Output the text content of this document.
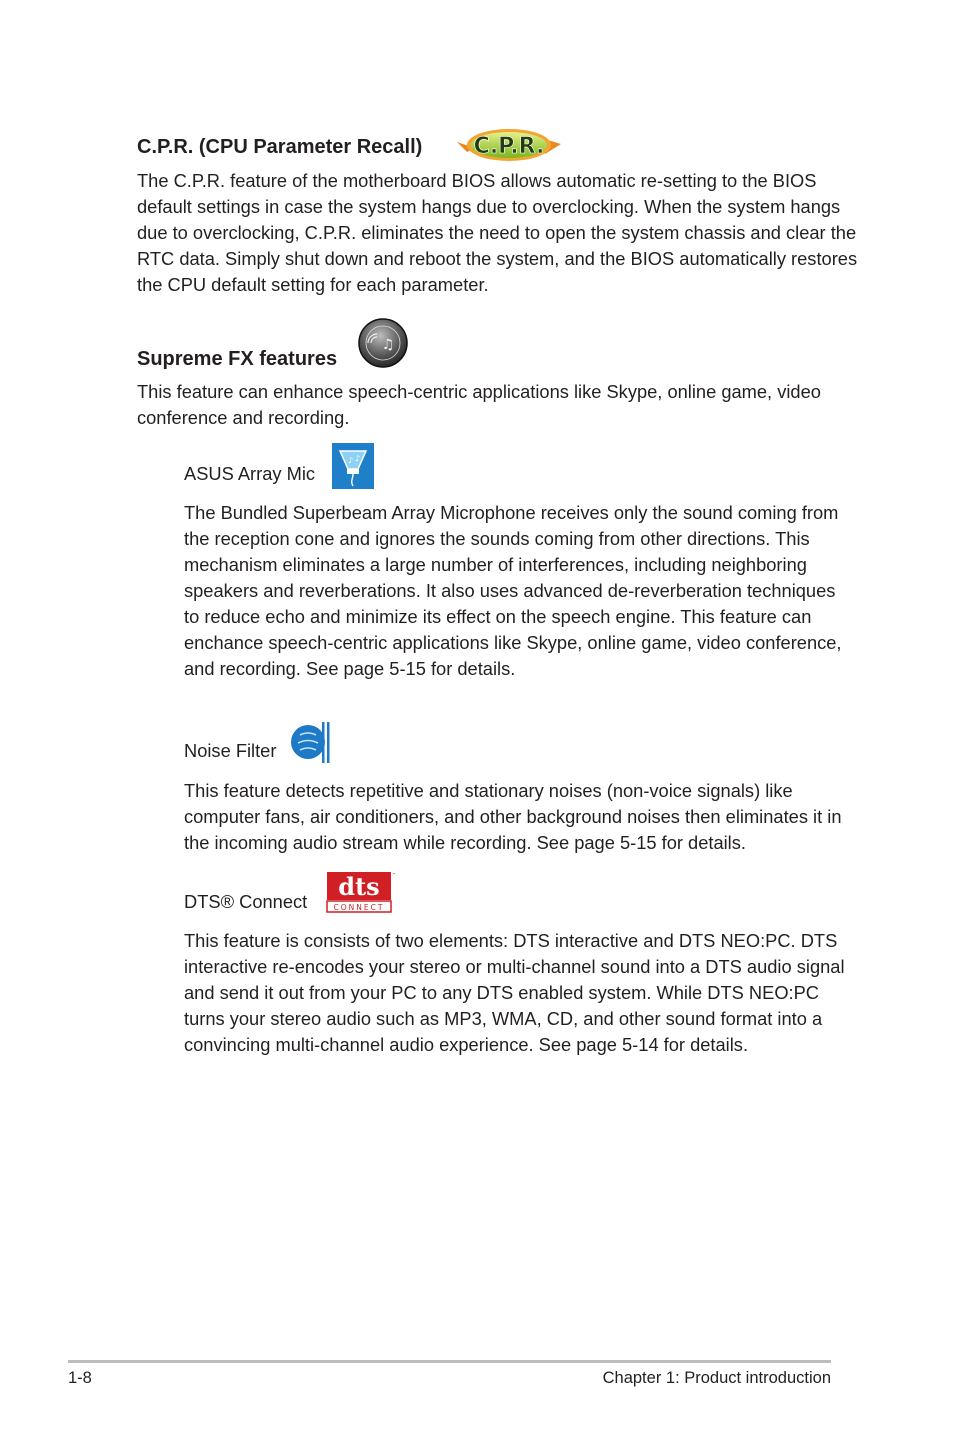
C.P.R. (CPU Parameter Recall) C.P.R.

The C.P.R. feature of the motherboard BIOS allows automatic re-setting to the BIOS default settings in case the system hangs due to overclocking. When the system hangs due to overclocking, C.P.R. eliminates the need to open the system chassis and clear the RTC data. Simply shut down and reboot the system, and the BIOS automatically restores the CPU default setting for each parameter.

Supreme FX features
♫

This feature can enhance speech-centric applications like Skype, online game, video conference and recording.

ASUS Array Mic
♪ ♪

The Bundled Superbeam Array Microphone receives only the sound coming from the reception cone and ignores the sounds coming from other directions. This mechanism eliminates a large number of interferences, including neighboring speakers and reverberations. It also uses advanced de-reverberation techniques to reduce echo and minimize its effect on the speech engine. This feature can enchance speech-centric applications like Skype, online game, video conference, and recording. See page 5-15 for details.

Noise Filter

This feature detects repetitive and stationary noises (non-voice signals) like computer fans, air conditioners, and other background noises then eliminates it in the incoming audio stream while recording. See page 5-15 for details.

DTS® Connect
dts
CONNECT
™

This feature is consists of two elements: DTS interactive and DTS NEO:PC. DTS interactive re-encodes your stereo or multi-channel sound into a DTS audio signal and send it out from your PC to any DTS enabled system. While DTS NEO:PC turns your stereo audio such as MP3, WMA, CD, and other sound format into a convincing multi-channel audio experience. See page 5-14 for details.

1-8	Chapter 1: Product introduction
